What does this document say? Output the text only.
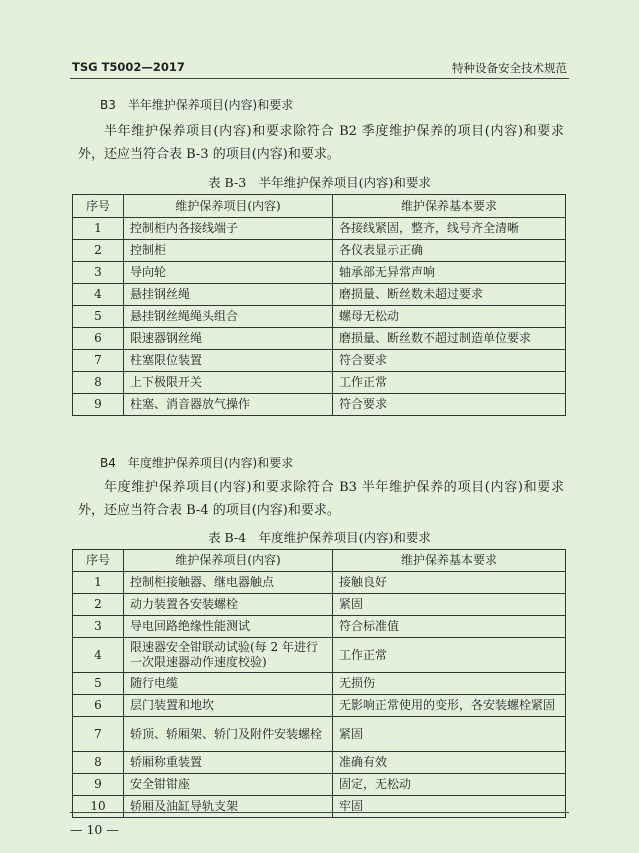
TSG T5002—2017	特种设备安全技术规范
B3　半年维护保养项目(内容)和要求
半年维护保养项目(内容)和要求除符合 B2 季度维护保养的项目(内容)和要求外，还应当符合表 B-3 的项目(内容)和要求。
表 B-3　半年维护保养项目(内容)和要求
序号	维护保养项目(内容)	维护保养基本要求
1	控制柜内各接线端子	各接线紧固，整齐，线号齐全清晰
2	控制柜	各仪表显示正确
3	导向轮	轴承部无异常声响
4	悬挂钢丝绳	磨损量、断丝数未超过要求
5	悬挂钢丝绳绳头组合	螺母无松动
6	限速器钢丝绳	磨损量、断丝数不超过制造单位要求
7	柱塞限位装置	符合要求
8	上下极限开关	工作正常
9	柱塞、消音器放气操作	符合要求
B4　年度维护保养项目(内容)和要求
年度维护保养项目(内容)和要求除符合 B3 半年维护保养的项目(内容)和要求外，还应当符合表 B-4 的项目(内容)和要求。
表 B-4　年度维护保养项目(内容)和要求
序号	维护保养项目(内容)	维护保养基本要求
1	控制柜接触器、继电器触点	接触良好
2	动力装置各安装螺栓	紧固
3	导电回路绝缘性能测试	符合标准值
4	限速器安全钳联动试验(每 2 年进行一次限速器动作速度校验)	工作正常
5	随行电缆	无损伤
6	层门装置和地坎	无影响正常使用的变形，各安装螺栓紧固
7	轿顶、轿厢架、轿门及附件安装螺栓	紧固
8	轿厢称重装置	准确有效
9	安全钳钳座	固定，无松动
10	轿厢及油缸导轨支架	牢固
— 10 —
